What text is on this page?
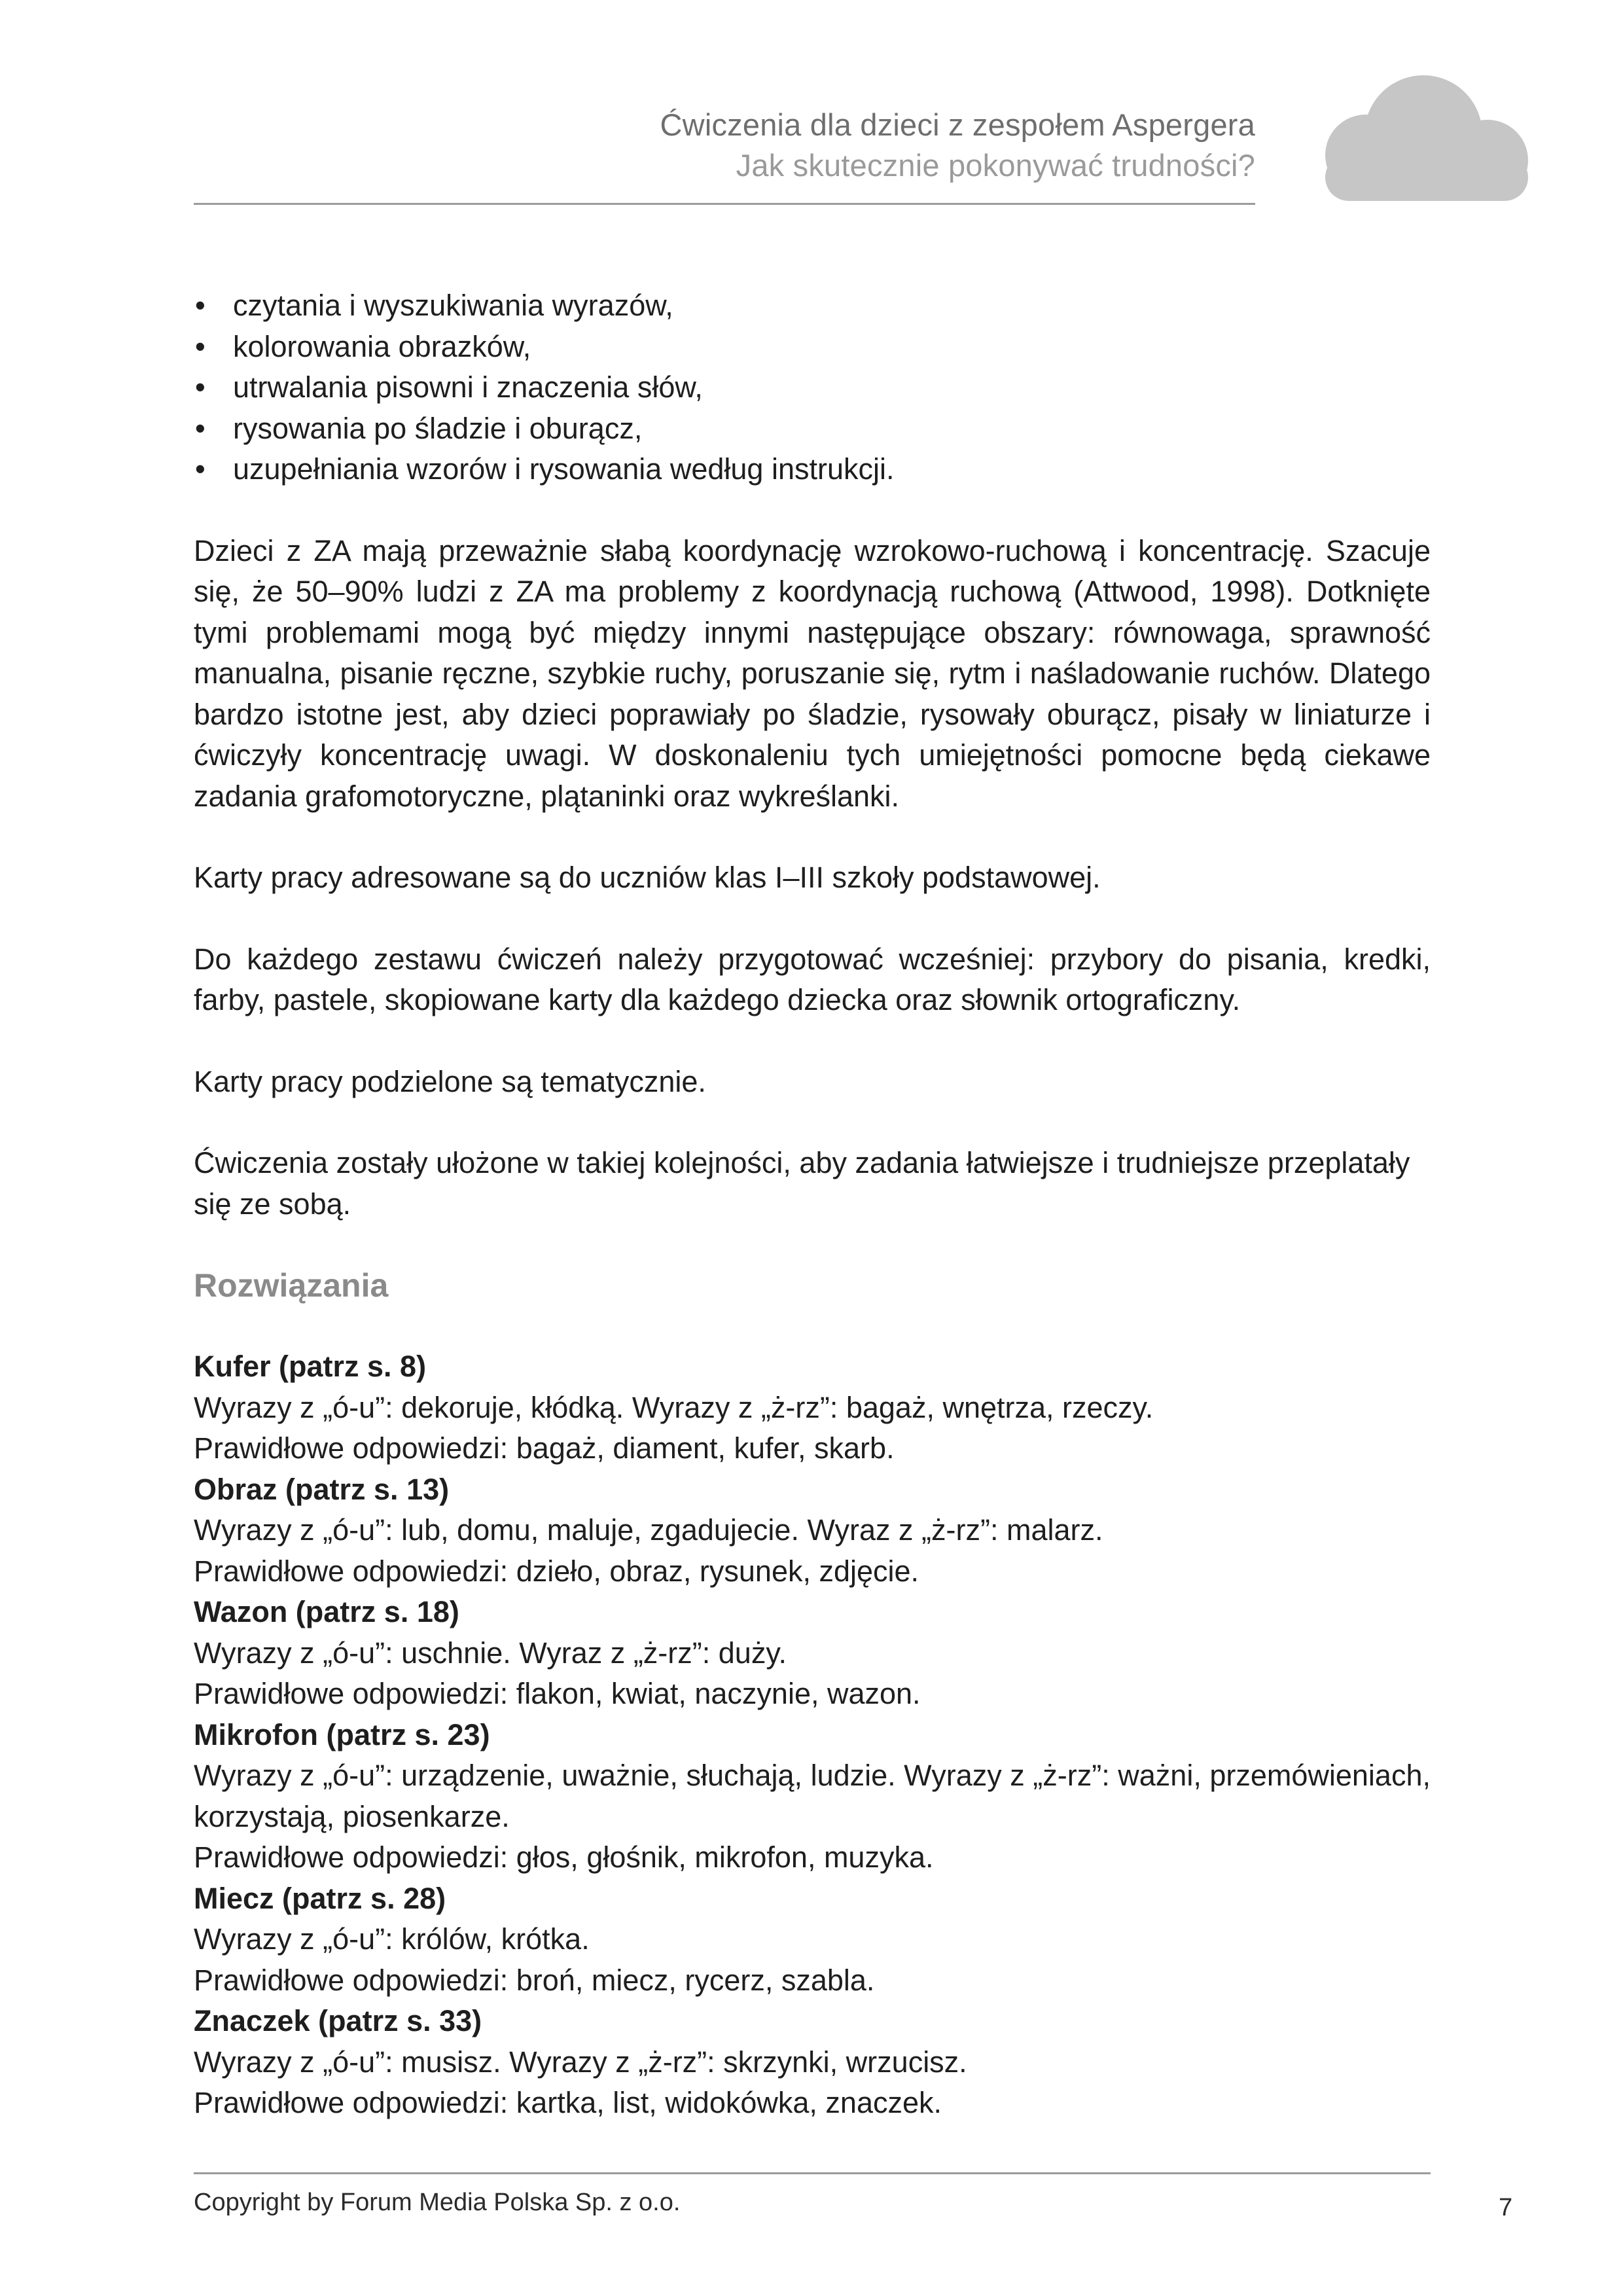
Ćwiczenia dla dzieci z zespołem Aspergera
Jak skutecznie pokonywać trudności?
• czytania i wyszukiwania wyrazów,
• kolorowania obrazków,
• utrwalania pisowni i znaczenia słów,
• rysowania po śladzie i oburącz,
• uzupełniania wzorów i rysowania według instrukcji.

Dzieci z ZA mają przeważnie słabą koordynację wzrokowo-ruchową i koncentrację. Szacuje się, że 50–90% ludzi z ZA ma problemy z koordynacją ruchową (Attwood, 1998). Dotknięte tymi problemami mogą być między innymi następujące obszary: równowaga, sprawność manualna, pisanie ręczne, szybkie ruchy, poruszanie się, rytm i naśladowanie ruchów. Dlatego bardzo istotne jest, aby dzieci poprawiały po śladzie, rysowały oburącz, pisały w liniaturze i ćwiczyły koncentrację uwagi. W doskonaleniu tych umiejętności pomocne będą ciekawe zadania grafomotoryczne, plątaninki oraz wykreślanki.

Karty pracy adresowane są do uczniów klas I–III szkoły podstawowej.

Do każdego zestawu ćwiczeń należy przygotować wcześniej: przybory do pisania, kredki, farby, pastele, skopiowane karty dla każdego dziecka oraz słownik ortograficzny.

Karty pracy podzielone są tematycznie.

Ćwiczenia zostały ułożone w takiej kolejności, aby zadania łatwiejsze i trudniejsze przeplatały się ze sobą.

Rozwiązania

Kufer (patrz s. 8)

Wyrazy z „ó-u”: dekoruje, kłódką. Wyrazy z „ż-rz”: bagaż, wnętrza, rzeczy.

Prawidłowe odpowiedzi: bagaż, diament, kufer, skarb.

Obraz (patrz s. 13)

Wyrazy z „ó-u”: lub, domu, maluje, zgadujecie. Wyraz z „ż-rz”: malarz.

Prawidłowe odpowiedzi: dzieło, obraz, rysunek, zdjęcie.

Wazon (patrz s. 18)

Wyrazy z „ó-u”: uschnie. Wyraz z „ż-rz”: duży.

Prawidłowe odpowiedzi: flakon, kwiat, naczynie, wazon.

Mikrofon (patrz s. 23)

Wyrazy z „ó-u”: urządzenie, uważnie, słuchają, ludzie. Wyrazy z „ż-rz”: ważni, przemówieniach, korzystają, piosenkarze.

Prawidłowe odpowiedzi: głos, głośnik, mikrofon, muzyka.

Miecz (patrz s. 28)

Wyrazy z „ó-u”: królów, krótka.

Prawidłowe odpowiedzi: broń, miecz, rycerz, szabla.

Znaczek (patrz s. 33)

Wyrazy z „ó-u”: musisz. Wyrazy z „ż-rz”: skrzynki, wrzucisz.

Prawidłowe odpowiedzi: kartka, list, widokówka, znaczek.

Copyright by Forum Media Polska Sp. z o.o.	7
